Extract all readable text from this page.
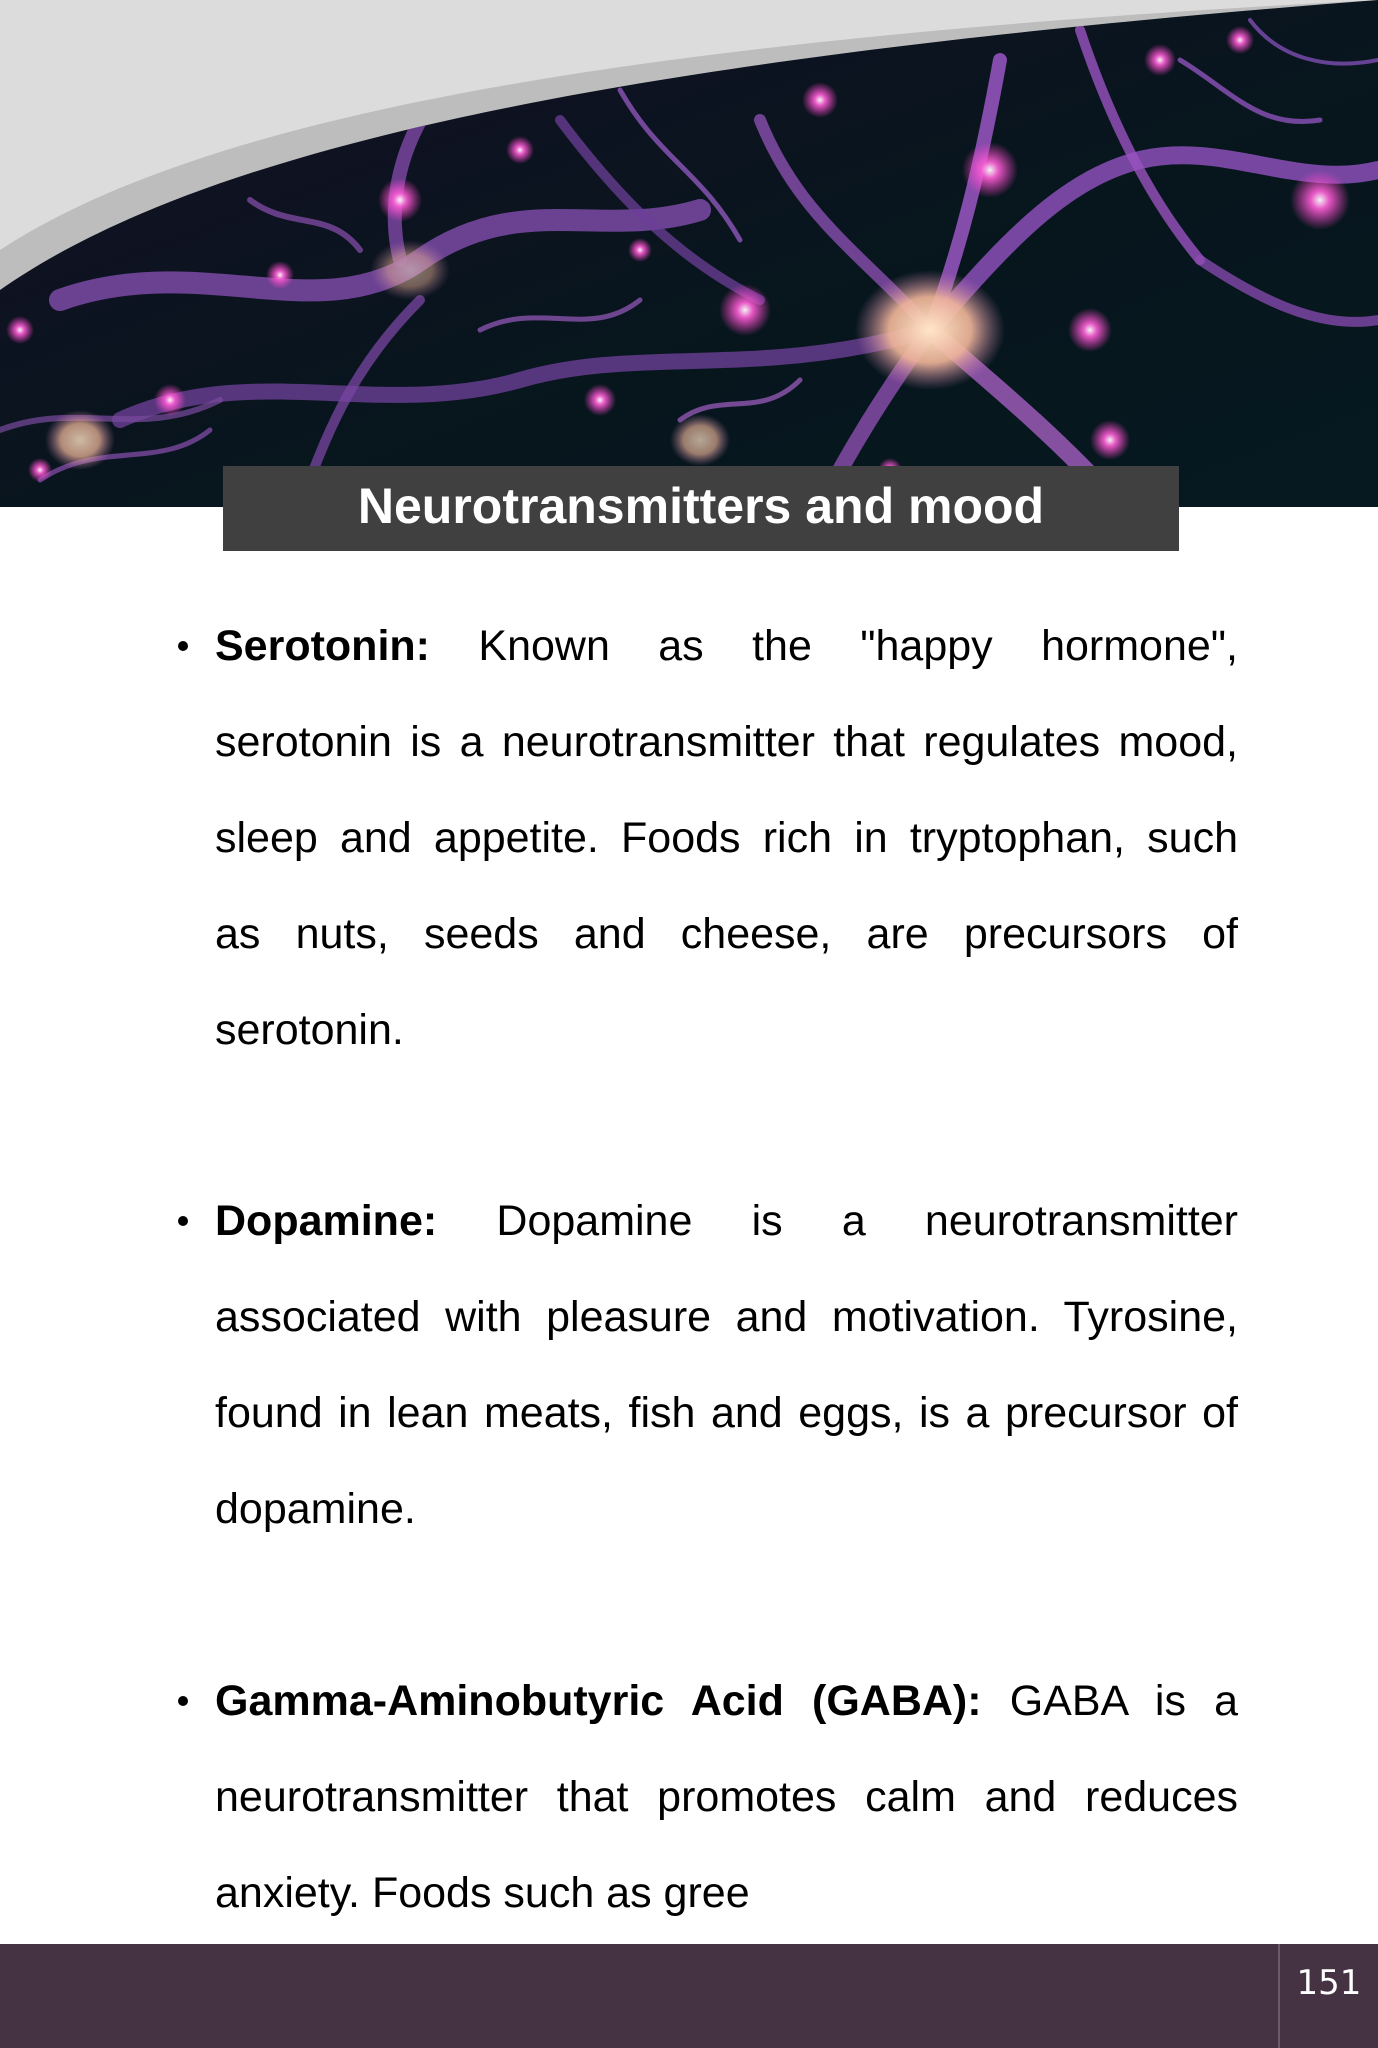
Neurotransmitters and mood
Serotonin: Known as the "happy hormone",
serotonin is a neurotransmitter that regulates mood,
sleep and appetite. Foods rich in tryptophan, such
as nuts, seeds and cheese, are precursors of
serotonin.
Dopamine: Dopamine is a neurotransmitter
associated with pleasure and motivation. Tyrosine,
found in lean meats, fish and eggs, is a precursor of
dopamine.
Gamma-Aminobutyric Acid (GABA): GABA is a
neurotransmitter that promotes calm and reduces
anxiety. Foods such as gree
151
